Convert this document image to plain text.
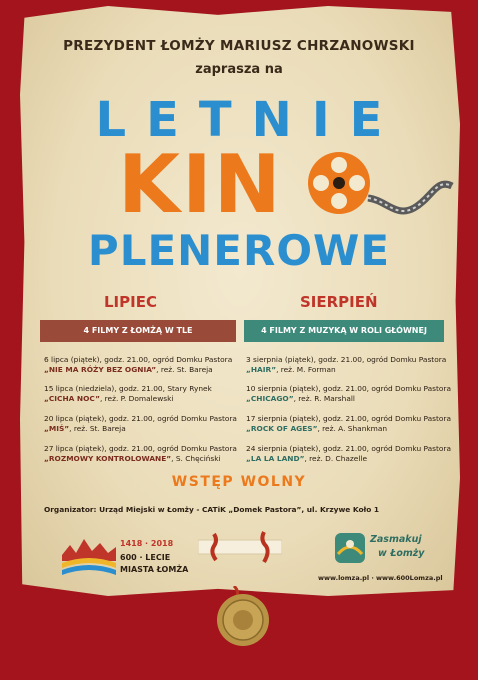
PREZYDENT ŁOMŻY MARIUSZ CHRZANOWSKI
zaprasza na
LETNIE
KIN
PLENEROWE
LIPIEC	SIERPIEŃ
4 FILMY Z ŁOMŻĄ W TLE	4 FILMY Z MUZYKĄ W ROLI GŁÓWNEJ
6 lipca (piątek), godz. 21.00, ogród Domku Pastora
„NIE MA RÓŻY BEZ OGNIA”, reż. St. Bareja
15 lipca (niedziela), godz. 21.00, Stary Rynek
„CICHA NOC”, reż. P. Domalewski
20 lipca (piątek), godz. 21.00, ogród Domku Pastora
„MIŚ”, reż. St. Bareja
27 lipca (piątek), godz. 21.00, ogród Domku Pastora
„ROZMOWY KONTROLOWANE”, S. Chęciński
3 sierpnia (piątek), godz. 21.00, ogród Domku Pastora
„HAIR”, reż. M. Forman
10 sierpnia (piątek), godz. 21.00, ogród Domku Pastora
„CHICAGO”, reż. R. Marshall
17 sierpnia (piątek), godz. 21.00, ogród Domku Pastora
„ROCK OF AGES”, reż. A. Shankman
24 sierpnia (piątek), godz. 21.00, ogród Domku Pastora
„LA LA LAND”, reż. D. Chazelle
WSTĘP WOLNY
Organizator: Urząd Miejski w Łomży - CATiK „Domek Pastora”, ul. Krzywe Koło 1
1418 · 2018
600 · LECIE
MIASTA ŁOMŻA
Zasmakuj
w Łomży
www.lomza.pl · www.600Lomza.pl
